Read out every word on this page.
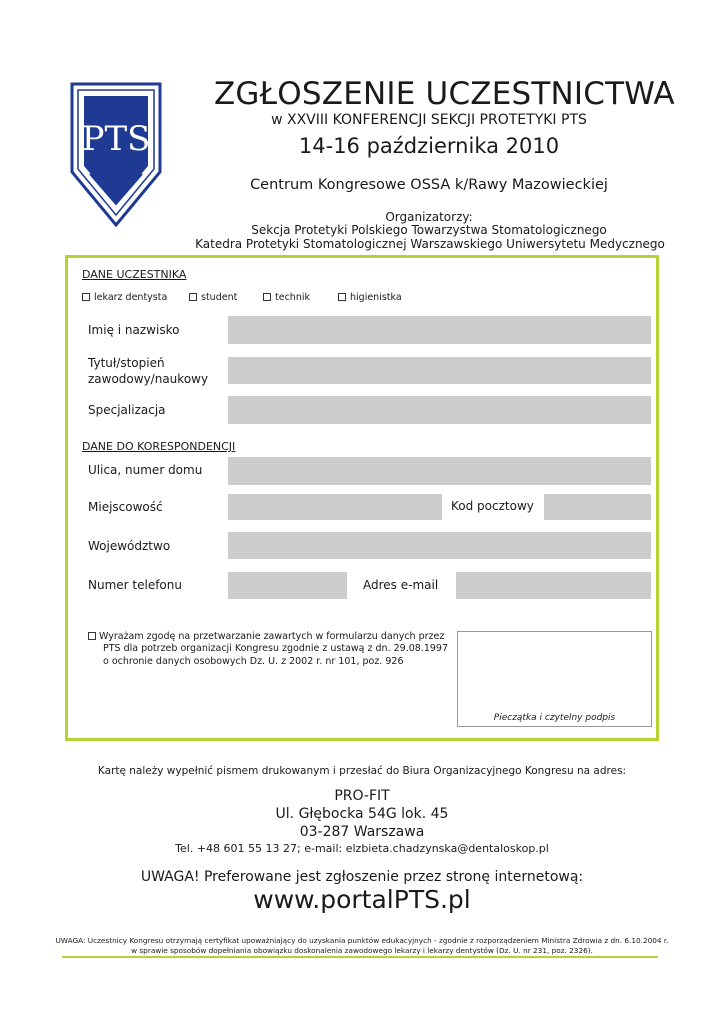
PTS
ZGŁOSZENIE UCZESTNICTWA
w XXVIII KONFERENCJI SEKCJI PROTETYKI PTS
14-16 października 2010
Centrum Kongresowe OSSA k/Rawy Mazowieckiej
Organizatorzy:
Sekcja Protetyki Polskiego Towarzystwa Stomatologicznego
Katedra Protetyki Stomatologicznej Warszawskiego Uniwersytetu Medycznego
DANE UCZESTNIKA
lekarz dentysta	student	technik	higienistka
Imię i nazwisko
Tytuł/stopień
zawodowy/naukowy
Specjalizacja
DANE DO KORESPONDENCJI
Ulica, numer domu
Miejscowość	Kod pocztowy
Województwo
Numer telefonu	Adres e-mail
Wyrażam zgodę na przetwarzanie zawartych w formularzu danych przez
PTS dla potrzeb organizacji Kongresu zgodnie z ustawą z dn. 29.08.1997
o ochronie danych osobowych Dz. U. z 2002 r. nr 101, poz. 926
Pieczątka i czytelny podpis
Kartę należy wypełnić pismem drukowanym i przesłać do Biura Organizacyjnego Kongresu na adres:
PRO-FIT
Ul. Głębocka 54G lok. 45
03-287 Warszawa
Tel. +48 601 55 13 27; e-mail: elzbieta.chadzynska@dentaloskop.pl
UWAGA! Preferowane jest zgłoszenie przez stronę internetową:
www.portalPTS.pl
UWAGA: Uczestnicy Kongresu otrzymają certyfikat upoważniający do uzyskania punktów edukacyjnych - zgodnie z rozporządzeniem Ministra Zdrowia z dn. 6.10.2004 r.
w sprawie sposobów dopełniania obowiązku doskonalenia zawodowego lekarzy i lekarzy dentystów (Dz. U. nr 231, poz. 2326).
